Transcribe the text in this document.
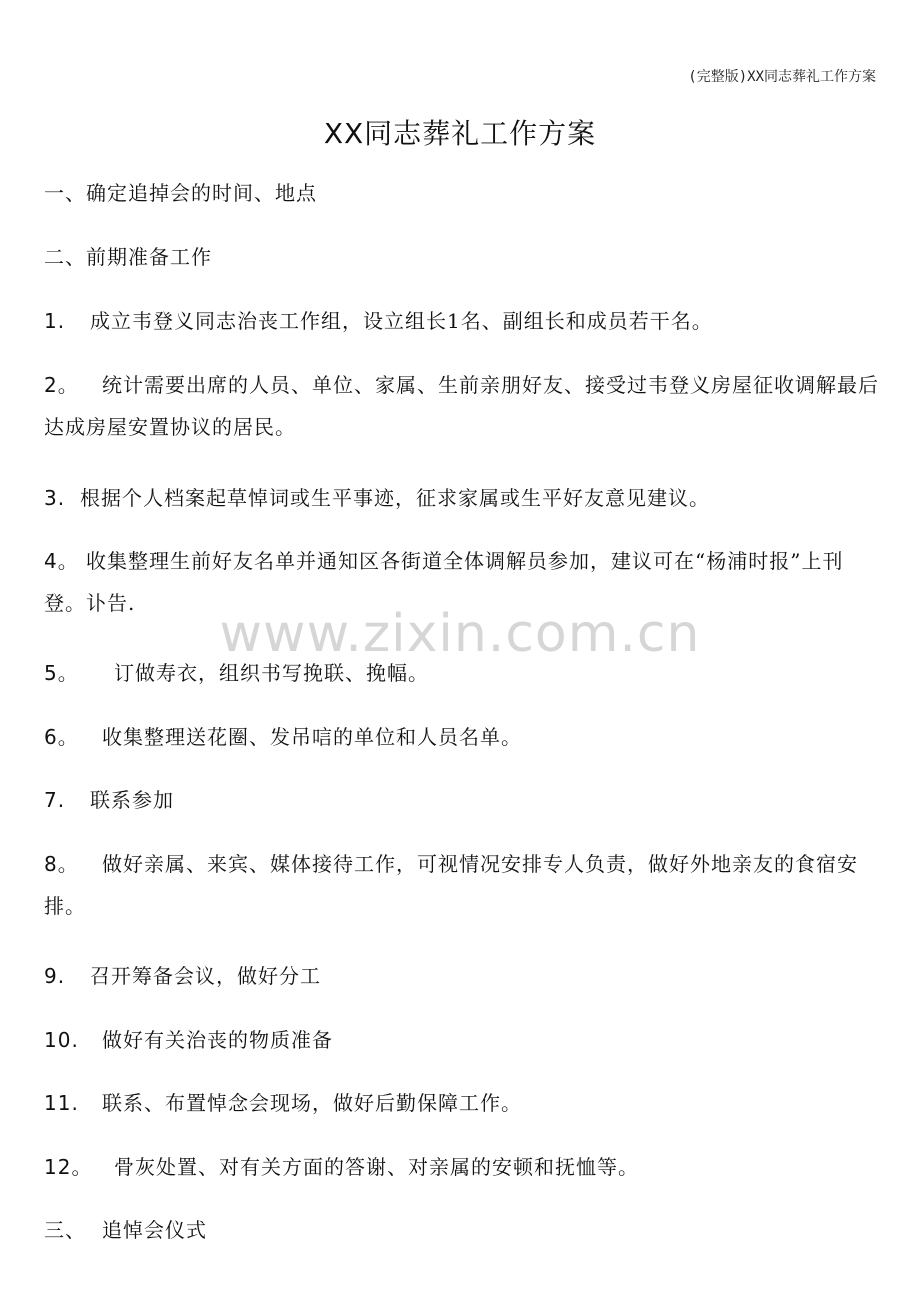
(完整版)XX同志葬礼工作方案
XX同志葬礼工作方案
www.zixin.com.cn

一、确定追掉会的时间、地点

二、前期准备工作

1. 成立韦登义同志治丧工作组，设立组长1名、副组长和成员若干名。

2。 统计需要出席的人员、单位、家属、生前亲朋好友、接受过韦登义房屋征收调解最后达成房屋安置协议的居民。

3. 根据个人档案起草悼词或生平事迹，征求家属或生平好友意见建议。

4。 收集整理生前好友名单并通知区各街道全体调解员参加，建议可在“杨浦时报”上刊登。讣告.

5。 订做寿衣，组织书写挽联、挽幅。

6。 收集整理送花圈、发吊唁的单位和人员名单。

7. 联系参加

8。 做好亲属、来宾、媒体接待工作，可视情况安排专人负责，做好外地亲友的食宿安排。

9. 召开筹备会议，做好分工

10. 做好有关治丧的物质准备

11. 联系、布置悼念会现场，做好后勤保障工作。

12。 骨灰处置、对有关方面的答谢、对亲属的安顿和抚恤等。

三、 追悼会仪式
